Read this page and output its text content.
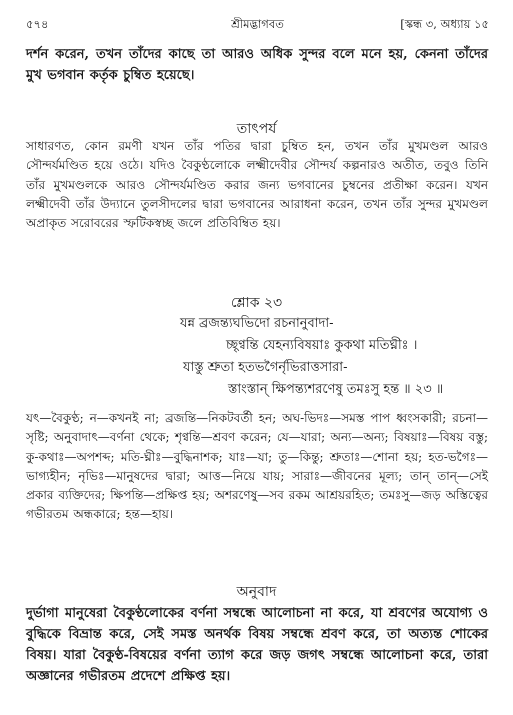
৫৭৪	শ্রীমদ্ভাগবত	[স্কন্ধ ৩, অধ্যায় ১৫
দর্শন করেন, তখন তাঁদের কাছে তা আরও অধিক সুন্দর বলে মনে হয়, কেননা তাঁদের মুখ ভগবান কর্তৃক চুম্বিত হয়েছে।
তাৎপর্য
সাধারণত, কোন রমণী যখন তাঁর পতির দ্বারা চুম্বিত হন, তখন তাঁর মুখমণ্ডল আরও সৌন্দর্যমণ্ডিত হয়ে ওঠে। যদিও বৈকুণ্ঠলোকে লক্ষ্মীদেবীর সৌন্দর্য কল্পনারও অতীত, তবুও তিনি তাঁর মুখমণ্ডলকে আরও সৌন্দর্যমণ্ডিত করার জন্য ভগবানের চুম্বনের প্রতীক্ষা করেন। যখন লক্ষ্মীদেবী তাঁর উদ্যানে তুলসীদলের দ্বারা ভগবানের আরাধনা করেন, তখন তাঁর সুন্দর মুখমণ্ডল অপ্রাকৃত সরোবরের স্ফটিকস্বচ্ছ জলে প্রতিবিম্বিত হয়।
শ্লোক ২৩
যন্ন ব্রজন্ত্যঘভিদো রচনানুবাদা-
চ্ছৃণ্বন্তি যেহন্যবিষয়াঃ কুকথা মতিঘ্নীঃ ।
যাস্তু শ্রুতা হতভগৈর্নৃভিরাত্তসারা-
স্তাংস্তান্ ক্ষিপন্ত্যশরণেষু তমঃসু হন্ত ॥ ২৩ ॥
যৎ—বৈকুণ্ঠ; ন—কখনই না; ব্রজন্তি—নিকটবর্তী হন; অঘ-ভিদঃ—সমস্ত পাপ ধ্বংসকারী; রচনা—সৃষ্টি; অনুবাদাৎ—বর্ণনা থেকে; শৃণ্বন্তি—শ্রবণ করেন; যে—যারা; অন্য—অন্য; বিষয়াঃ—বিষয় বস্তু; কু-কথাঃ—অপশব্দ; মতি-ঘ্নীঃ—বুদ্ধিনাশক; যাঃ—যা; তু—কিন্তু; শ্রুতাঃ—শোনা হয়; হত-ভগৈঃ—ভাগ্যহীন; নৃভিঃ—মানুষদের দ্বারা; আত্ত—নিয়ে যায়; সারাঃ—জীবনের মূল্য; তান্ তান্—সেই প্রকার ব্যক্তিদের; ক্ষিপন্তি—প্রক্ষিপ্ত হয়; অশরণেষু—সব রকম আশ্রয়রহিত; তমঃসু—জড় অস্তিত্বের গভীরতম অন্ধকারে; হন্ত—হায়।
অনুবাদ
দুর্ভাগা মানুষেরা বৈকুণ্ঠলোকের বর্ণনা সম্বন্ধে আলোচনা না করে, যা শ্রবণের অযোগ্য ও বুদ্ধিকে বিভ্রান্ত করে, সেই সমস্ত অনর্থক বিষয় সম্বন্ধে শ্রবণ করে, তা অত্যন্ত শোকের বিষয়। যারা বৈকুণ্ঠ-বিষয়ের বর্ণনা ত্যাগ করে জড় জগৎ সম্বন্ধে আলোচনা করে, তারা অজ্ঞানের গভীরতম প্রদেশে প্রক্ষিপ্ত হয়।
